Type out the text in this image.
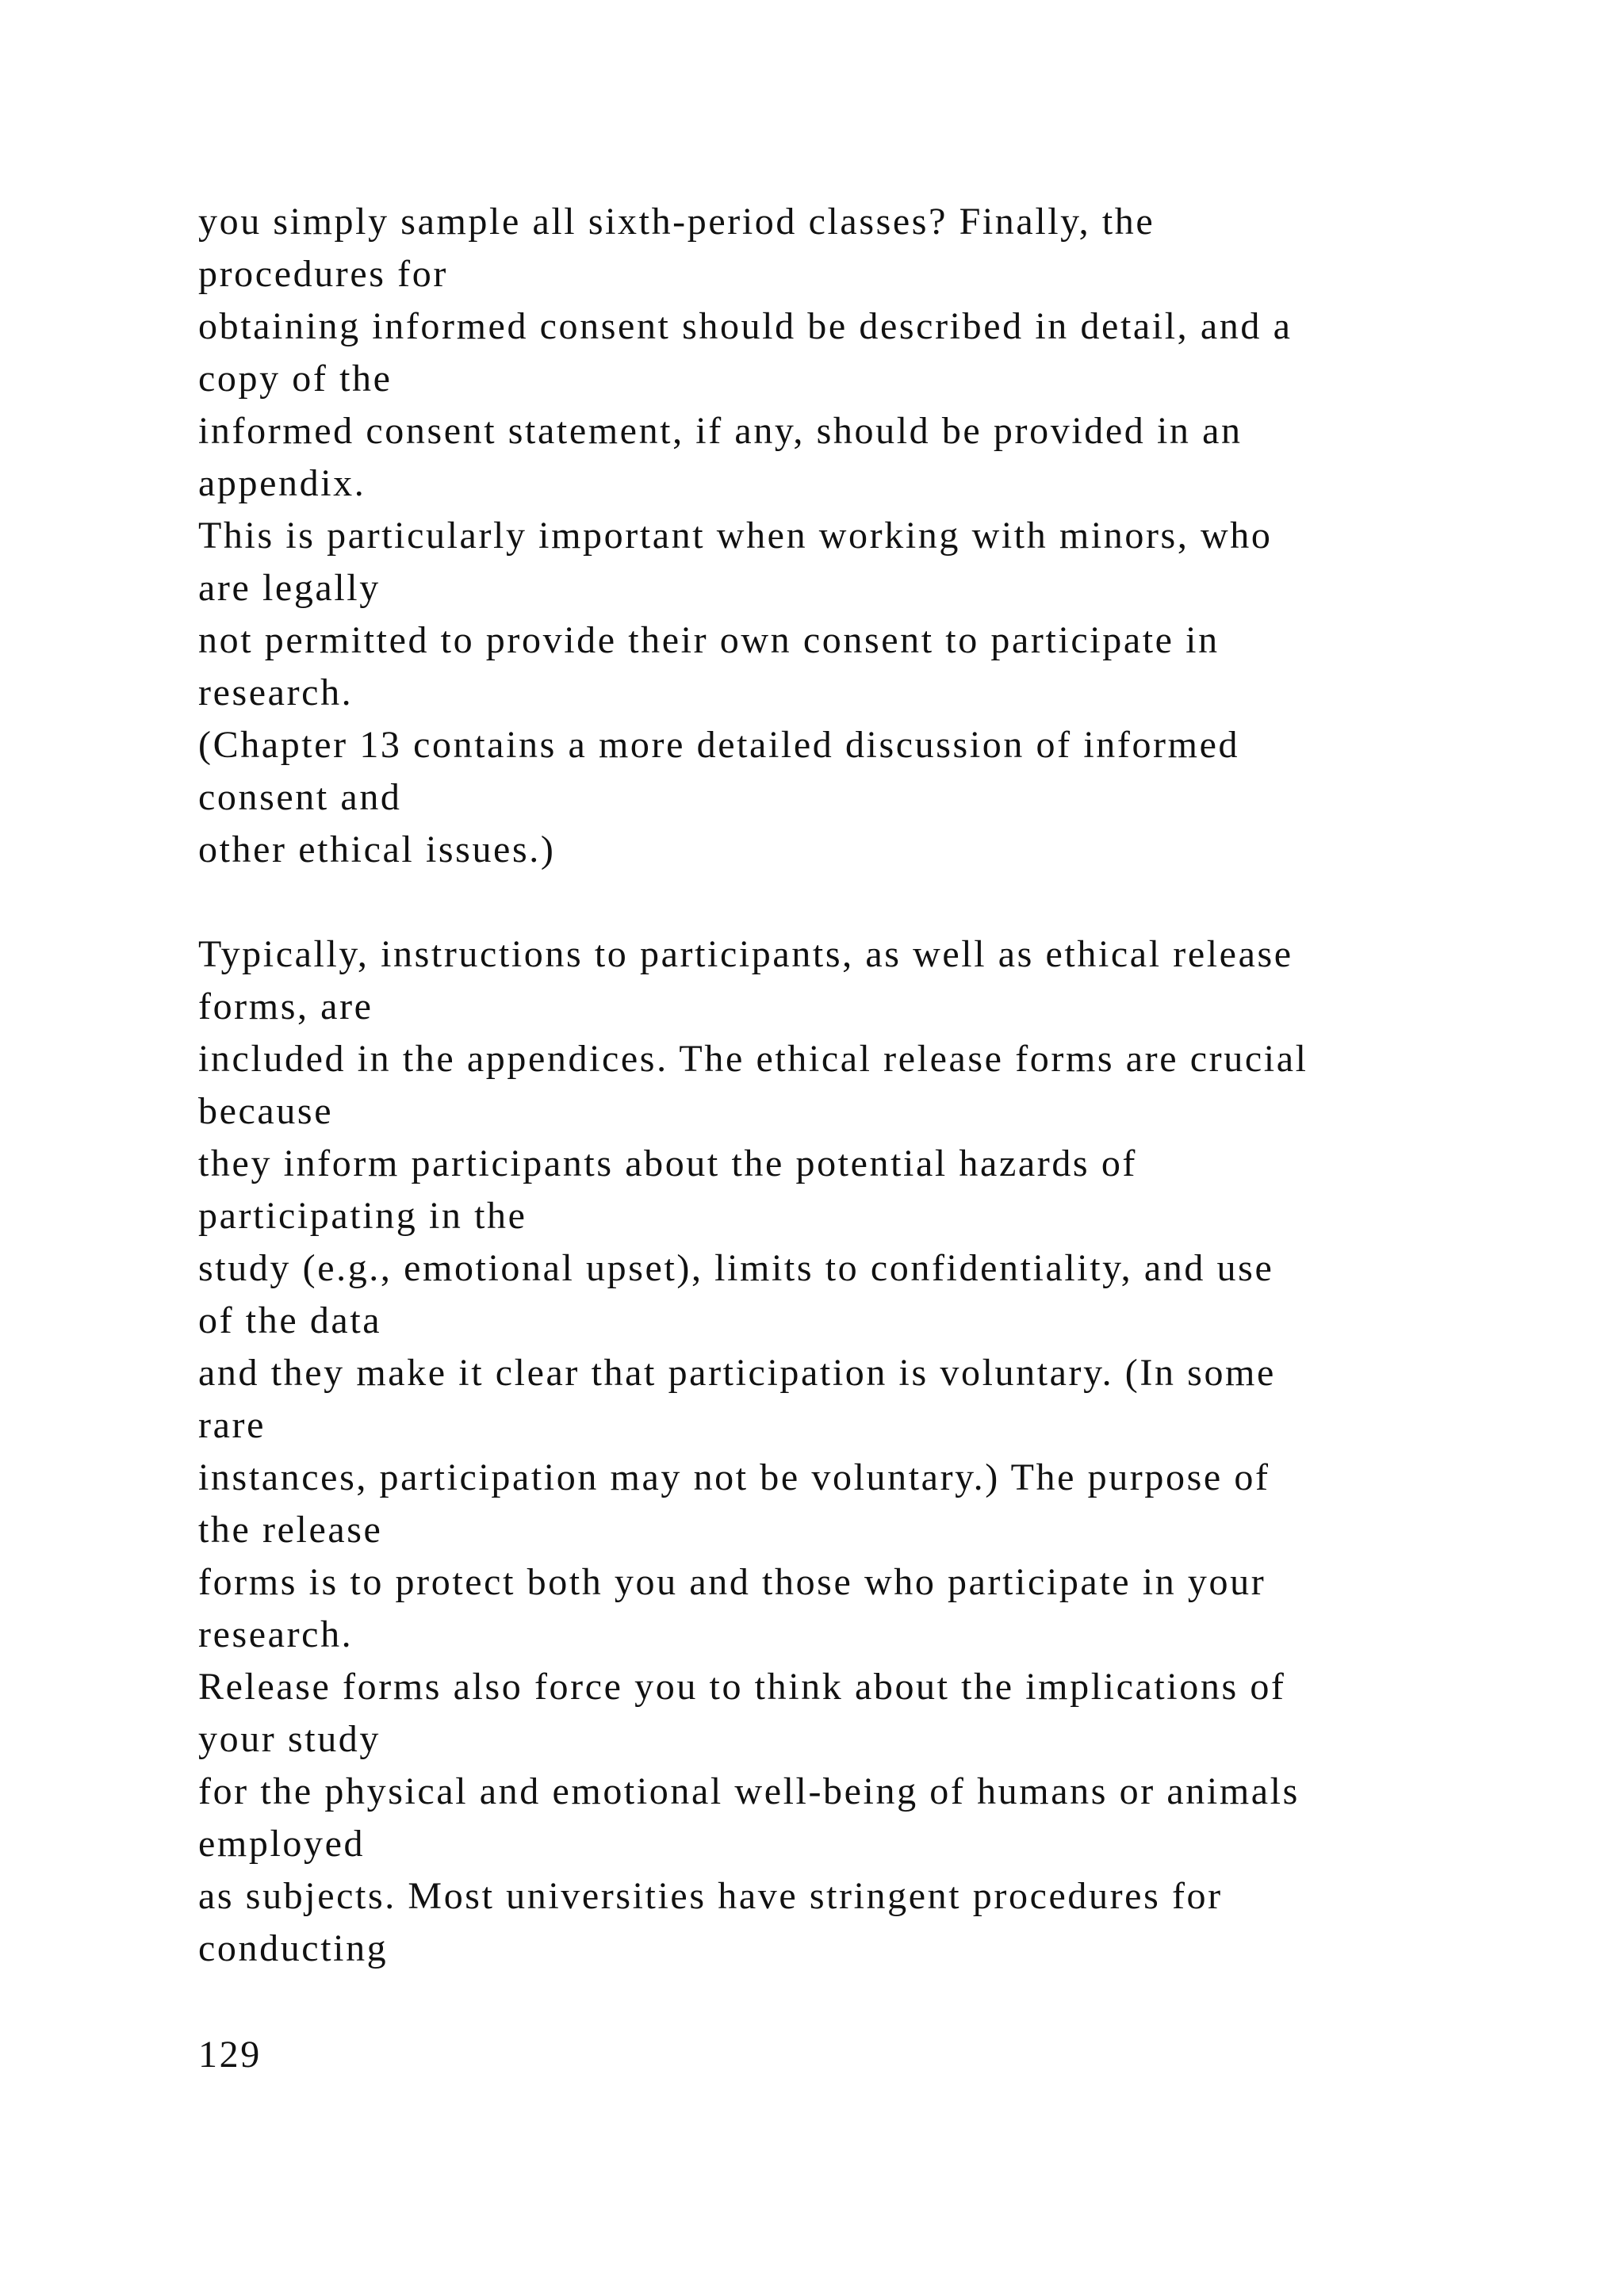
you simply sample all sixth-period classes? Finally, the
procedures for
obtaining informed consent should be described in detail, and a
copy of the
informed consent statement, if any, should be provided in an
appendix.
This is particularly important when working with minors, who
are legally
not permitted to provide their own consent to participate in
research.
(Chapter 13 contains a more detailed discussion of informed
consent and
other ethical issues.)
Typically, instructions to participants, as well as ethical release
forms, are
included in the appendices. The ethical release forms are crucial
because
they inform participants about the potential hazards of
participating in the
study (e.g., emotional upset), limits to confidentiality, and use
of the data
and they make it clear that participation is voluntary. (In some
rare
instances, participation may not be voluntary.) The purpose of
the release
forms is to protect both you and those who participate in your
research.
Release forms also force you to think about the implications of
your study
for the physical and emotional well-being of humans or animals
employed
as subjects. Most universities have stringent procedures for
conducting
129
